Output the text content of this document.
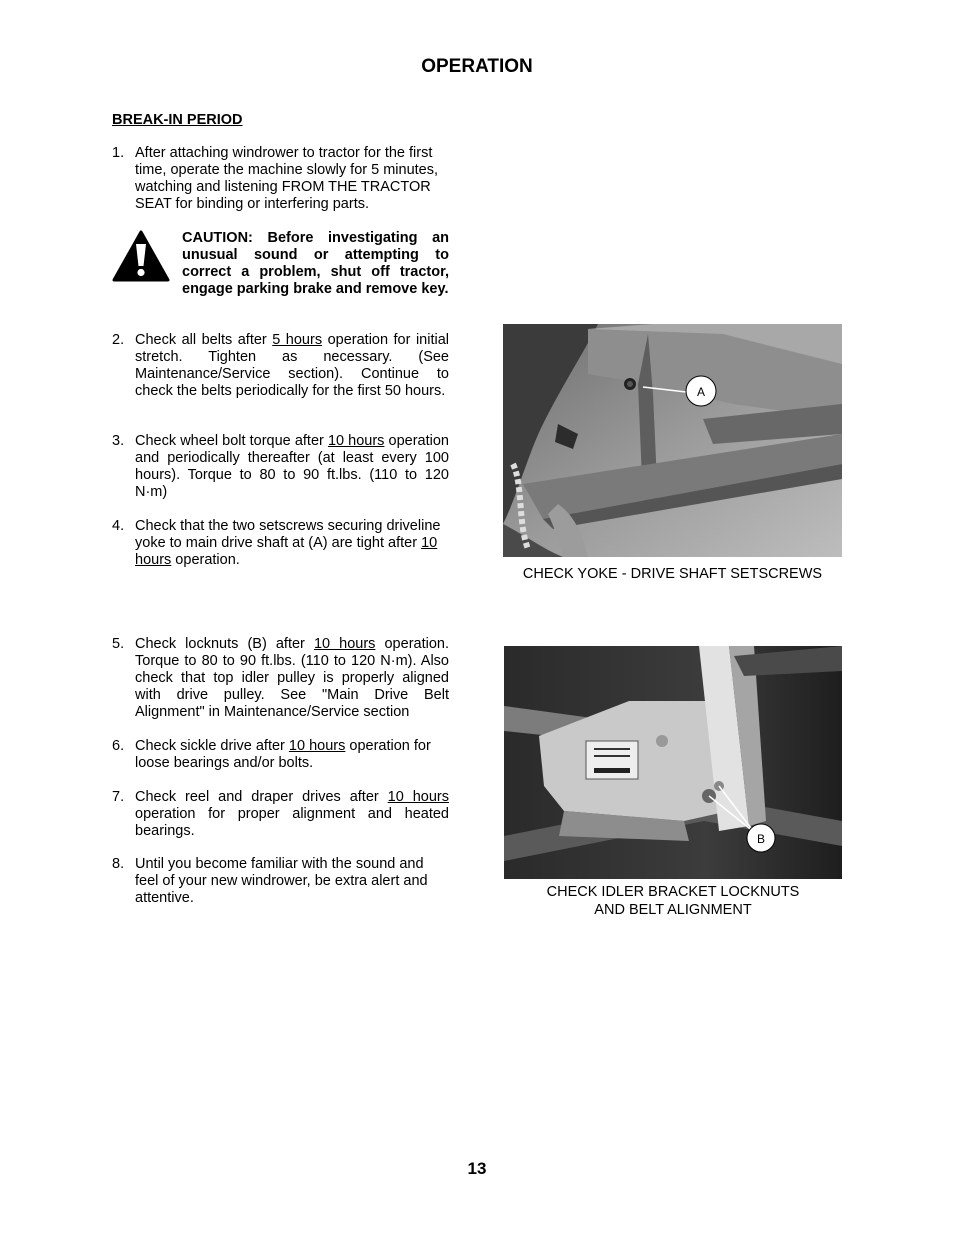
OPERATION
BREAK-IN PERIOD
1. After attaching windrower to tractor for the first time, operate the machine slowly for 5 minutes, watching and listening FROM THE TRACTOR SEAT for binding or interfering parts.
CAUTION: Before investigating an unusual sound or attempting to correct a problem, shut off tractor, engage parking brake and remove key.
2. Check all belts after 5 hours operation for initial stretch. Tighten as necessary. (See Maintenance/Service section). Continue to check the belts periodically for the first 50 hours.
3. Check wheel bolt torque after 10 hours operation and periodically thereafter (at least every 100 hours). Torque to 80 to 90 ft.lbs. (110 to 120 N·m)
4. Check that the two setscrews securing driveline yoke to main drive shaft at (A) are tight after 10 hours operation.
5. Check locknuts (B) after 10 hours operation. Torque to 80 to 90 ft.lbs. (110 to 120 N·m). Also check that top idler pulley is properly aligned with drive pulley. See "Main Drive Belt Alignment" in Maintenance/Service section
6. Check sickle drive after 10 hours operation for loose bearings and/or bolts.
7. Check reel and draper drives after 10 hours operation for proper alignment and heated bearings.
8. Until you become familiar with the sound and feel of your new windrower, be extra alert and attentive.
A
CHECK YOKE - DRIVE SHAFT SETSCREWS
B
CHECK IDLER BRACKET LOCKNUTS
AND BELT ALIGNMENT
13
